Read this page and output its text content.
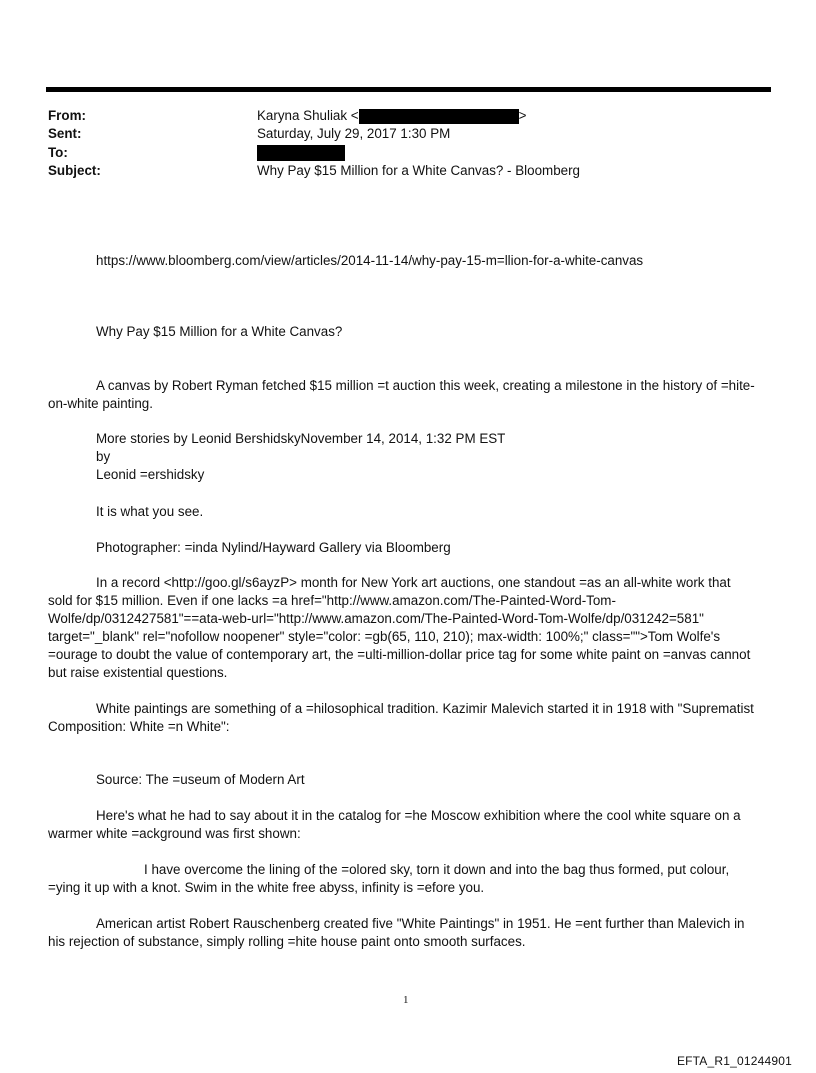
From:
Sent:
To:
Subject:
Karyna Shuliak <	>
Saturday, July 29, 2017 1:30 PM
Why Pay $15 Million for a White Canvas? - Bloomberg
https://www.bloomberg.com/view/articles/2014-11-14/why-pay-15-m=llion-for-a-white-canvas
Why Pay $15 Million for a White Canvas?
A canvas by Robert Ryman fetched $15 million =t auction this week, creating a milestone in the history of =hite-
on-white painting.
More stories by Leonid BershidskyNovember 14, 2014, 1:32 PM EST
by
Leonid =ershidsky
It is what you see.
Photographer: =inda Nylind/Hayward Gallery via Bloomberg
In a record <http://goo.gl/s6ayzP> month for New York art auctions, one standout =as an all-white work that
sold for $15 million. Even if one lacks =a href="http://www.amazon.com/The-Painted-Word-Tom-
Wolfe/dp/0312427581"==ata-web-url="http://www.amazon.com/The-Painted-Word-Tom-Wolfe/dp/031242=581"
target="_blank" rel="nofollow noopener" style="color: =gb(65, 110, 210); max-width: 100%;" class="">Tom Wolfe's
=ourage to doubt the value of contemporary art, the =ulti-million-dollar price tag for some white paint on =anvas cannot
but raise existential questions.
White paintings are something of a =hilosophical tradition. Kazimir Malevich started it in 1918 with "Suprematist
Composition: White =n White":
Source: The =useum of Modern Art
Here's what he had to say about it in the catalog for =he Moscow exhibition where the cool white square on a
warmer white =ackground was first shown:
I have overcome the lining of the =olored sky, torn it down and into the bag thus formed, put colour,
=ying it up with a knot. Swim in the white free abyss, infinity is =efore you.
American artist Robert Rauschenberg created five "White Paintings" in 1951. He =ent further than Malevich in
his rejection of substance, simply rolling =hite house paint onto smooth surfaces.
1
EFTA_R1_01244901
